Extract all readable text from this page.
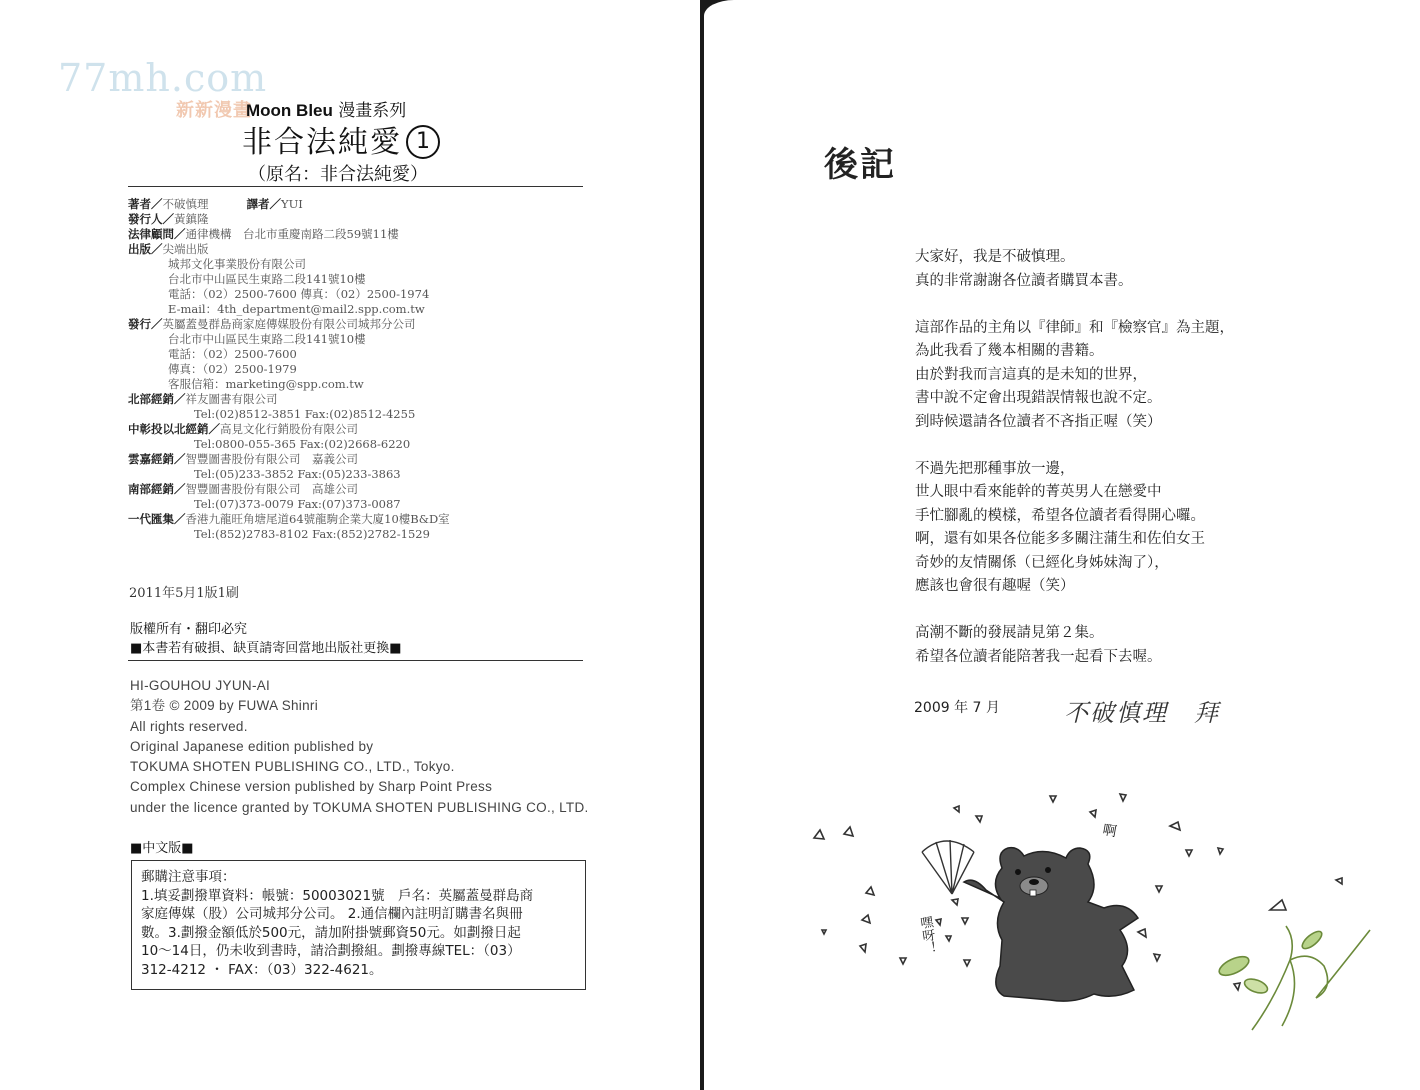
77mh.com
新新漫畫
Moon Bleu 漫畫系列
非合法純愛 1
（原名：非合法純愛）
著者／不破慎理	譯者／YUI
發行人／黃鎮隆
法律顧問／通律機構　台北市重慶南路二段59號11樓
出版／尖端出版
城邦文化事業股份有限公司
台北市中山區民生東路二段141號10樓
電話：（02）2500-7600 傳真：（02）2500-1974
E-mail：4th_department@mail2.spp.com.tw
發行／英屬蓋曼群島商家庭傳媒股份有限公司城邦分公司
台北市中山區民生東路二段141號10樓
電話：（02）2500-7600
傳真：（02）2500-1979
客服信箱：marketing@spp.com.tw
北部經銷／祥友圖書有限公司
Tel:(02)8512-3851 Fax:(02)8512-4255
中彰投以北經銷／高見文化行銷股份有限公司
Tel:0800-055-365 Fax:(02)2668-6220
雲嘉經銷／智豐圖書股份有限公司　嘉義公司
Tel:(05)233-3852 Fax:(05)233-3863
南部經銷／智豐圖書股份有限公司　高雄公司
Tel:(07)373-0079 Fax:(07)373-0087
一代匯集／香港九龍旺角塘尾道64號龍駒企業大廈10樓B&D室
Tel:(852)2783-8102 Fax:(852)2782-1529
2011年5月1版1刷
版權所有・翻印必究
■本書若有破損、缺頁請寄回當地出版社更換■
HI-GOUHOU JYUN-AI
第1卷 © 2009 by FUWA Shinri
All rights reserved.
Original Japanese edition published by
TOKUMA SHOTEN PUBLISHING CO., LTD., Tokyo.
Complex Chinese version published by Sharp Point Press
under the licence granted by TOKUMA SHOTEN PUBLISHING CO., LTD.
■中文版■
郵購注意事項：
1.填妥劃撥單資料：帳號：50003021號　戶名：英屬蓋曼群島商
家庭傳媒（股）公司城邦分公司。 2.通信欄內註明訂購書名與冊
數。3.劃撥金額低於500元，請加附掛號郵資50元。如劃撥日起
10～14日，仍未收到書時，請洽劃撥組。劃撥專線TEL：（03）
312-4212 ・ FAX：（03）322-4621。
後記
大家好，我是不破慎理。
真的非常謝謝各位讀者購買本書。
這部作品的主角以『律師』和『檢察官』為主題，
為此我看了幾本相關的書籍。
由於對我而言這真的是未知的世界，
書中說不定會出現錯誤情報也說不定。
到時候還請各位讀者不吝指正喔（笑）
不過先把那種事放一邊，
世人眼中看來能幹的菁英男人在戀愛中
手忙腳亂的模樣，希望各位讀者看得開心囉。
啊，還有如果各位能多多關注蒲生和佐伯女王
奇妙的友情關係（已經化身姊妹淘了），
應該也會很有趣喔（笑）
高潮不斷的發展請見第２集。
希望各位讀者能陪著我一起看下去喔。
2009 年 7 月	不破慎理　拜
啊
嘿呀！
